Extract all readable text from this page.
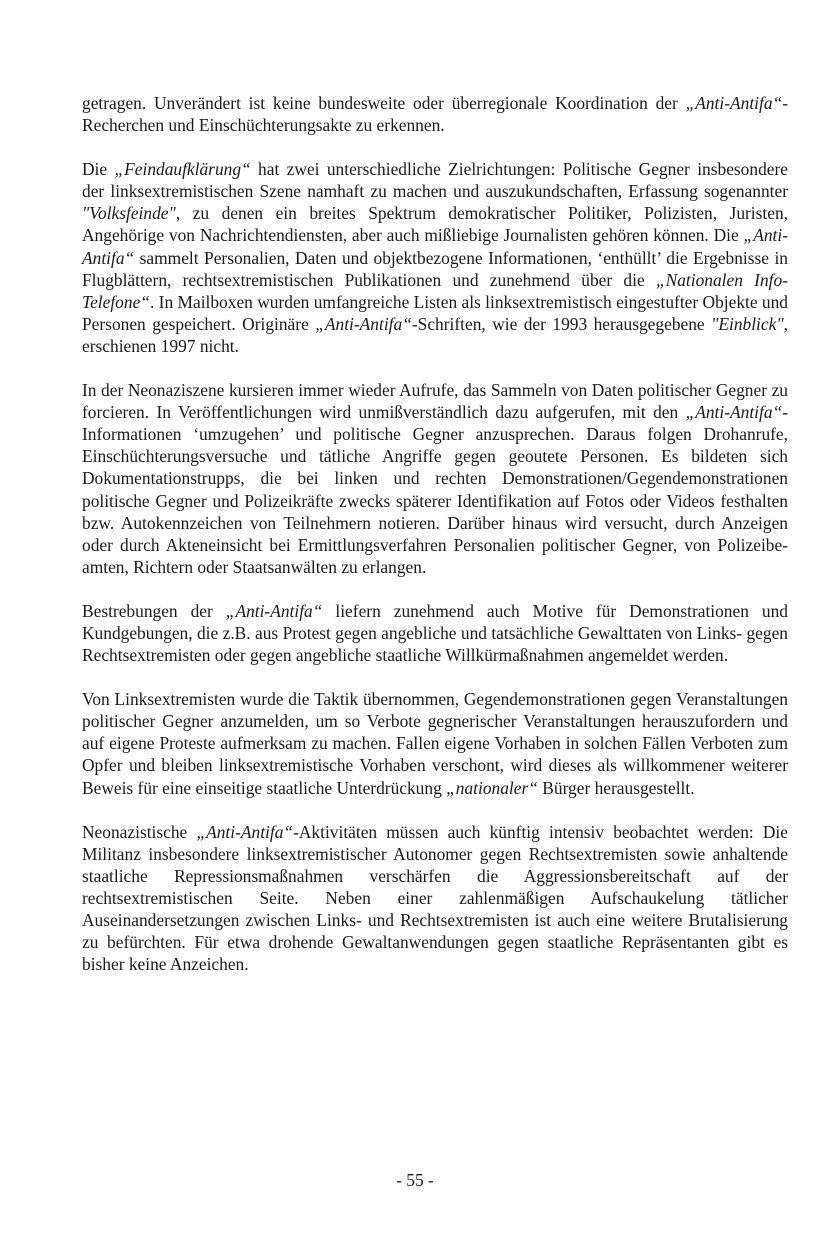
getragen. Unverändert ist keine bundesweite oder überregionale Koordination der „Anti-Antifa“-Recherchen und Einschüchterungsakte zu erkennen.

Die „Feindaufklärung“ hat zwei unterschiedliche Zielrichtungen: Politische Gegner insbesondere der linksextremistischen Szene namhaft zu machen und auszukundschaften, Erfassung sogenannter "Volksfeinde", zu denen ein breites Spektrum demokratischer Politiker, Polizisten, Juristen, Angehörige von Nachrichtendiensten, aber auch mißliebige Journalisten gehören können. Die „Anti-Antifa“ sammelt Personalien, Daten und objektbezogene Informationen, ‘enthüllt’ die Ergebnisse in Flugblättern, rechtsextremistischen Publikationen und zunehmend über die „Nationalen Info-Telefone“. In Mailboxen wurden umfangreiche Listen als linksextremistisch eingestufter Objekte und Personen gespeichert. Originäre „Anti-Antifa“-Schriften, wie der 1993 herausgegebene "Einblick", erschienen 1997 nicht.

In der Neonaziszene kursieren immer wieder Aufrufe, das Sammeln von Daten politischer Gegner zu forcieren. In Veröffentlichungen wird unmißverständlich dazu aufgerufen, mit den „Anti-Antifa“-Informationen ‘umzugehen’ und politische Gegner anzusprechen. Daraus folgen Drohanrufe, Einschüchterungsversuche und tätliche Angriffe gegen geoutete Personen. Es bildeten sich Dokumentationstrupps, die bei linken und rechten Demonstrationen/Gegendemonstrationen politische Gegner und Polizeikräfte zwecks späterer Identifikation auf Fotos oder Videos festhalten bzw. Autokennzeichen von Teilnehmern notieren. Darüber hinaus wird versucht, durch Anzeigen oder durch Akteneinsicht bei Ermittlungsverfahren Personalien politischer Gegner, von Polizeibeamten, Richtern oder Staatsanwälten zu erlangen.

Bestrebungen der „Anti-Antifa“ liefern zunehmend auch Motive für Demonstrationen und Kundgebungen, die z.B. aus Protest gegen angebliche und tatsächliche Gewalttaten von Links- gegen Rechtsextremisten oder gegen angebliche staatliche Willkürmaßnahmen angemeldet werden.

Von Linksextremisten wurde die Taktik übernommen, Gegendemonstrationen gegen Veranstaltungen politischer Gegner anzumelden, um so Verbote gegnerischer Veranstaltungen herauszufordern und auf eigene Proteste aufmerksam zu machen. Fallen eigene Vorhaben in solchen Fällen Verboten zum Opfer und bleiben linksextremistische Vorhaben verschont, wird dieses als willkommener weiterer Beweis für eine einseitige staatliche Unterdrückung „nationaler“ Bürger herausgestellt.

Neonazistische „Anti-Antifa“-Aktivitäten müssen auch künftig intensiv beobachtet werden: Die Militanz insbesondere linksextremistischer Autonomer gegen Rechtsextremisten sowie anhaltende staatliche Repressionsmaßnahmen verschärfen die Aggressionsbereitschaft auf der rechtsextremistischen Seite. Neben einer zahlenmäßigen Aufschaukelung tätlicher Auseinandersetzungen zwischen Links- und Rechtsextremisten ist auch eine weitere Brutalisierung zu befürchten. Für etwa drohende Gewaltanwendungen gegen staatliche Repräsentanten gibt es bisher keine Anzeichen.

- 55 -
